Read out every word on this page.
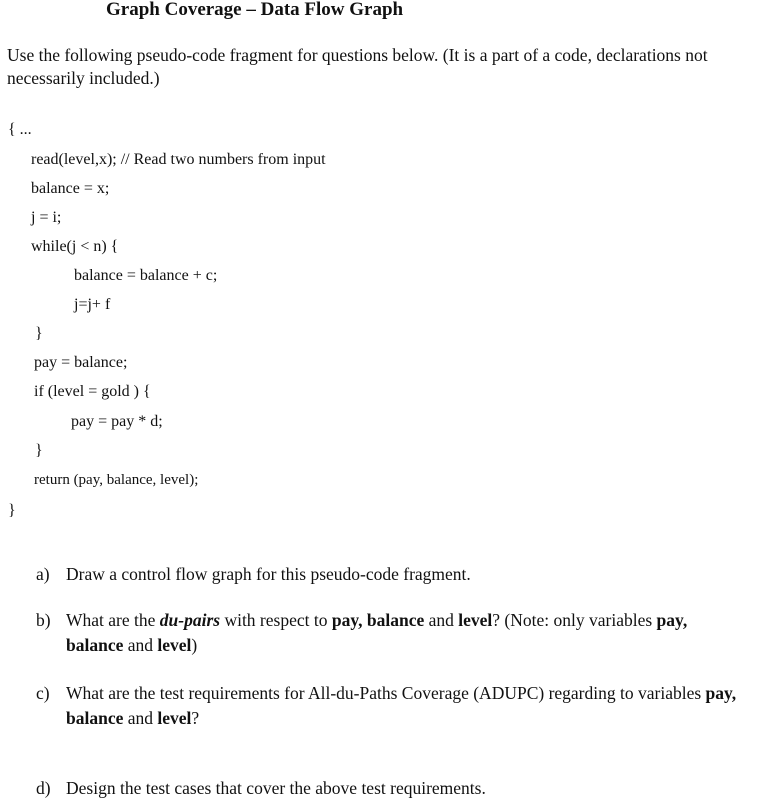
Graph Coverage – Data Flow Graph
Use the following pseudo-code fragment for questions below. (It is a part of a code, declarations not necessarily included.)
{ ...
read(level,x); // Read two numbers from input
balance = x;
j = i;
while(j < n) {
balance = balance + c;
j=j+ f
}
pay = balance;
if (level = gold ) {
pay = pay * d;
}
return (pay, balance, level);
}
a) Draw a control flow graph for this pseudo-code fragment.
b) What are the du-pairs with respect to pay, balance and level? (Note: only variables pay, balance and level)
c) What are the test requirements for All-du-Paths Coverage (ADUPC) regarding to variables pay, balance and level?
d) Design the test cases that cover the above test requirements.
